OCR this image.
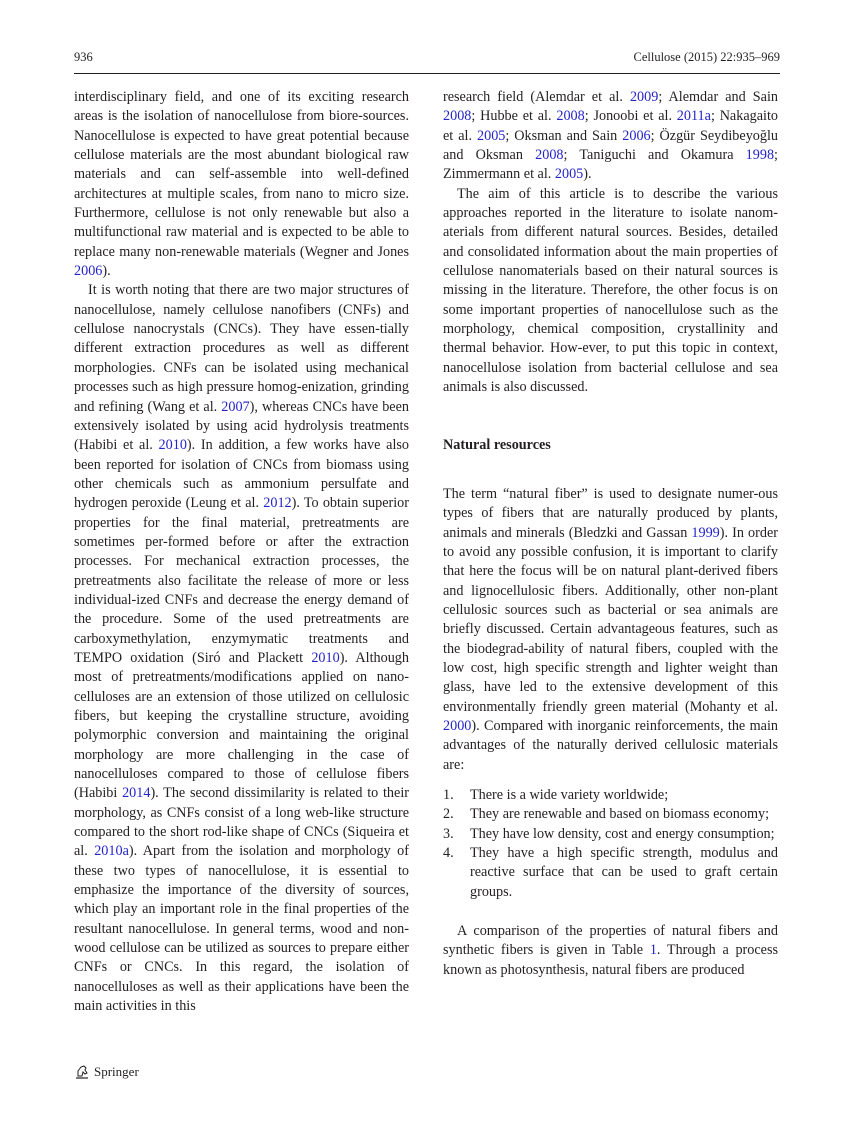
936	Cellulose (2015) 22:935–969

interdisciplinary field, and one of its exciting research areas is the isolation of nanocellulose from biore-sources. Nanocellulose is expected to have great potential because cellulose materials are the most abundant biological raw materials and can self-assemble into well-defined architectures at multiple scales, from nano to micro size. Furthermore, cellulose is not only renewable but also a multifunctional raw material and is expected to be able to replace many non-renewable materials (Wegner and Jones 2006).

It is worth noting that there are two major structures of nanocellulose, namely cellulose nanofibers (CNFs) and cellulose nanocrystals (CNCs). They have essen-tially different extraction procedures as well as different morphologies. CNFs can be isolated using mechanical processes such as high pressure homog-enization, grinding and refining (Wang et al. 2007), whereas CNCs have been extensively isolated by using acid hydrolysis treatments (Habibi et al. 2010). In addition, a few works have also been reported for isolation of CNCs from biomass using other chemicals such as ammonium persulfate and hydrogen peroxide (Leung et al. 2012). To obtain superior properties for the final material, pretreatments are sometimes per-formed before or after the extraction processes. For mechanical extraction processes, the pretreatments also facilitate the release of more or less individual-ized CNFs and decrease the energy demand of the procedure. Some of the used pretreatments are carboxymethylation, enzymymatic treatments and TEMPO oxidation (Siró and Plackett 2010). Although most of pretreatments/modifications applied on nano-celluloses are an extension of those utilized on cellulosic fibers, but keeping the crystalline structure, avoiding polymorphic conversion and maintaining the original morphology are more challenging in the case of nanocelluloses compared to those of cellulose fibers (Habibi 2014). The second dissimilarity is related to their morphology, as CNFs consist of a long web-like structure compared to the short rod-like shape of CNCs (Siqueira et al. 2010a). Apart from the isolation and morphology of these two types of nanocellulose, it is essential to emphasize the importance of the diversity of sources, which play an important role in the final properties of the resultant nanocellulose. In general terms, wood and non-wood cellulose can be utilized as sources to prepare either CNFs or CNCs. In this regard, the isolation of nanocelluloses as well as their applications have been the main activities in this

research field (Alemdar et al. 2009; Alemdar and Sain 2008; Hubbe et al. 2008; Jonoobi et al. 2011a; Nakagaito et al. 2005; Oksman and Sain 2006; Özgür Seydibeyoğlu and Oksman 2008; Taniguchi and Okamura 1998; Zimmermann et al. 2005).

The aim of this article is to describe the various approaches reported in the literature to isolate nanom-aterials from different natural sources. Besides, detailed and consolidated information about the main properties of cellulose nanomaterials based on their natural sources is missing in the literature. Therefore, the other focus is on some important properties of nanocellulose such as the morphology, chemical composition, crystallinity and thermal behavior. How-ever, to put this topic in context, nanocellulose isolation from bacterial cellulose and sea animals is also discussed.

Natural resources

The term “natural fiber” is used to designate numer-ous types of fibers that are naturally produced by plants, animals and minerals (Bledzki and Gassan 1999). In order to avoid any possible confusion, it is important to clarify that here the focus will be on natural plant-derived fibers and lignocellulosic fibers. Additionally, other non-plant cellulosic sources such as bacterial or sea animals are briefly discussed. Certain advantageous features, such as the biodegrad-ability of natural fibers, coupled with the low cost, high specific strength and lighter weight than glass, have led to the extensive development of this environmentally friendly green material (Mohanty et al. 2000). Compared with inorganic reinforcements, the main advantages of the naturally derived cellulosic materials are:

1. There is a wide variety worldwide;
2. They are renewable and based on biomass economy;
3. They have low density, cost and energy consumption;
4. They have a high specific strength, modulus and reactive surface that can be used to graft certain groups.

A comparison of the properties of natural fibers and synthetic fibers is given in Table 1. Through a process known as photosynthesis, natural fibers are produced

Springer
